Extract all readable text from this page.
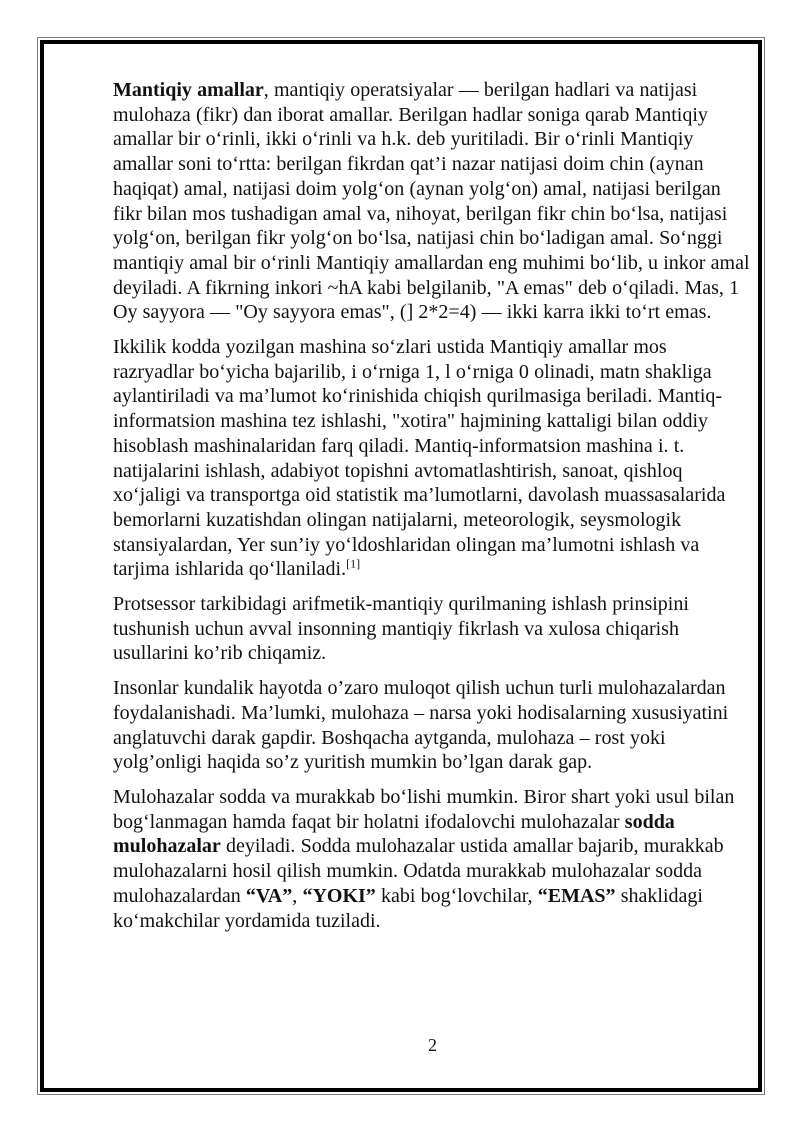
Mantiqiy amallar, mantiqiy operatsiyalar — berilgan hadlari va natijasi mulohaza (fikr) dan iborat amallar. Berilgan hadlar soniga qarab Mantiqiy amallar bir oʻrinli, ikki oʻrinli va h.k. deb yuritiladi. Bir oʻrinli Mantiqiy amallar soni toʻrtta: berilgan fikrdan qat’i nazar natijasi doim chin (aynan haqiqat) amal, natijasi doim yolgʻon (aynan yolgʻon) amal, natijasi berilgan fikr bilan mos tushadigan amal va, nihoyat, berilgan fikr chin boʻlsa, natijasi yolgʻon, berilgan fikr yolgʻon boʻlsa, natijasi chin boʻladigan amal. Soʻnggi mantiqiy amal bir oʻrinli Mantiqiy amallardan eng muhimi boʻlib, u inkor amal deyiladi. A fikrning inkori ~hA kabi belgilanib, "A emas" deb oʻqiladi. Mas, 1 Oy sayyora — "Oy sayyora emas", (] 2*2=4) — ikki karra ikki toʻrt emas.

Ikkilik kodda yozilgan mashina soʻzlari ustida Mantiqiy amallar mos razryadlar boʻyicha bajarilib, i oʻrniga 1, l oʻrniga 0 olinadi, matn shakliga aylantiriladi va ma’lumot koʻrinishida chiqish qurilmasiga beriladi. Mantiq-informatsion mashina tez ishlashi, "xotira" hajmining kattaligi bilan oddiy hisoblash mashinalaridan farq qiladi. Mantiq-informatsion mashina i. t. natijalarini ishlash, adabiyot topishni avtomatlashtirish, sanoat, qishloq xoʻjaligi va transportga oid statistik ma’lumotlarni, davolash muassasalarida bemorlarni kuzatishdan olingan natijalarni, meteorologik, seysmologik stansiyalardan, Yer sun’iy yoʻldoshlaridan olingan ma’lumotni ishlash va tarjima ishlarida qoʻllaniladi.[1]

Protsessor tarkibidagi arifmetik-mantiqiy qurilmaning ishlash prinsipini tushunish uchun avval insonning mantiqiy fikrlash va xulosa chiqarish usullarini ko’rib chiqamiz.

Insonlar kundalik hayotda o’zaro muloqot qilish uchun turli mulohazalardan foydalanishadi. Ma’lumki, mulohaza – narsa yoki hodisalarning xususiyatini anglatuvchi darak gapdir. Boshqacha aytganda, mulohaza – rost yoki yolg’onligi haqida so’z yuritish mumkin bo’lgan darak gap.

Mulohazalar sodda va murakkab boʻlishi mumkin. Biror shart yoki usul bilan bogʻlanmagan hamda faqat bir holatni ifodalovchi mulohazalar sodda mulohazalar deyiladi. Sodda mulohazalar ustida amallar bajarib, murakkab mulohazalarni hosil qilish mumkin. Odatda murakkab mulohazalar sodda mulohazalardan “VA”, “YOKI” kabi bogʻlovchilar, “EMAS” shaklidagi koʻmakchilar yordamida tuziladi.

2
